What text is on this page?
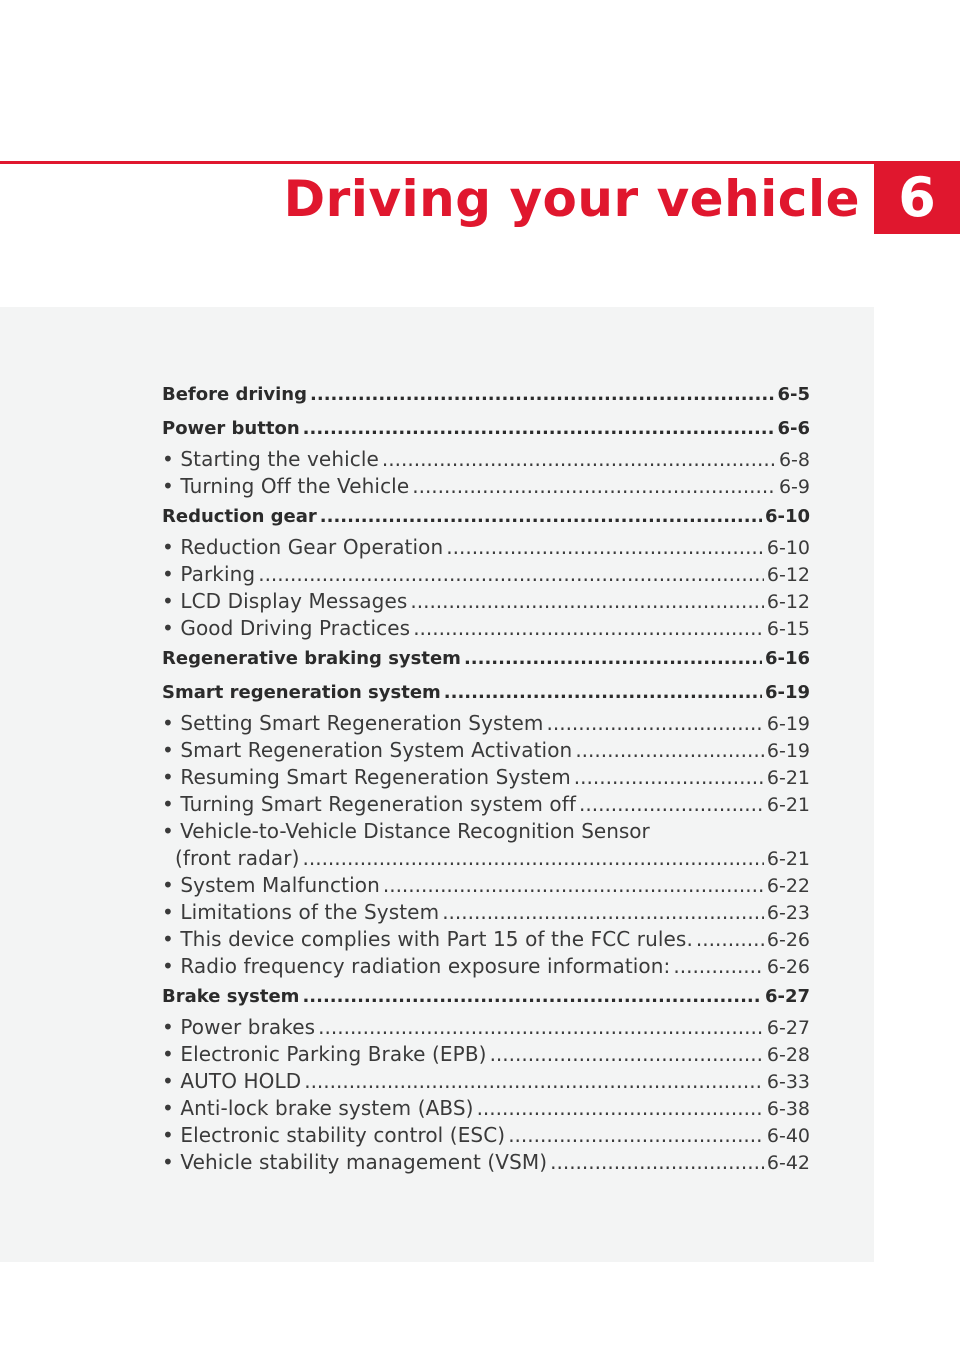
Driving your vehicle 6
Before driving .....	6-5
Power button .....	6-6
• Starting the vehicle .....	6-8
• Turning Off the Vehicle .....	6-9
Reduction gear .....	6-10
• Reduction Gear Operation .....	6-10
• Parking .....	6-12
• LCD Display Messages .....	6-12
• Good Driving Practices .....	6-15
Regenerative braking system .....	6-16
Smart regeneration system .....	6-19
• Setting Smart Regeneration System .....	6-19
• Smart Regeneration System Activation .....	6-19
• Resuming Smart Regeneration System .....	6-21
• Turning Smart Regeneration system off .....	6-21
• Vehicle-to-Vehicle Distance Recognition Sensor
(front radar) .....	6-21
• System Malfunction .....	6-22
• Limitations of the System .....	6-23
• This device complies with Part 15 of the FCC rules. .....	6-26
• Radio frequency radiation exposure information: .....	6-26
Brake system .....	6-27
• Power brakes .....	6-27
• Electronic Parking Brake (EPB) .....	6-28
• AUTO HOLD .....	6-33
• Anti-lock brake system (ABS) .....	6-38
• Electronic stability control (ESC) .....	6-40
• Vehicle stability management (VSM) .....	6-42
